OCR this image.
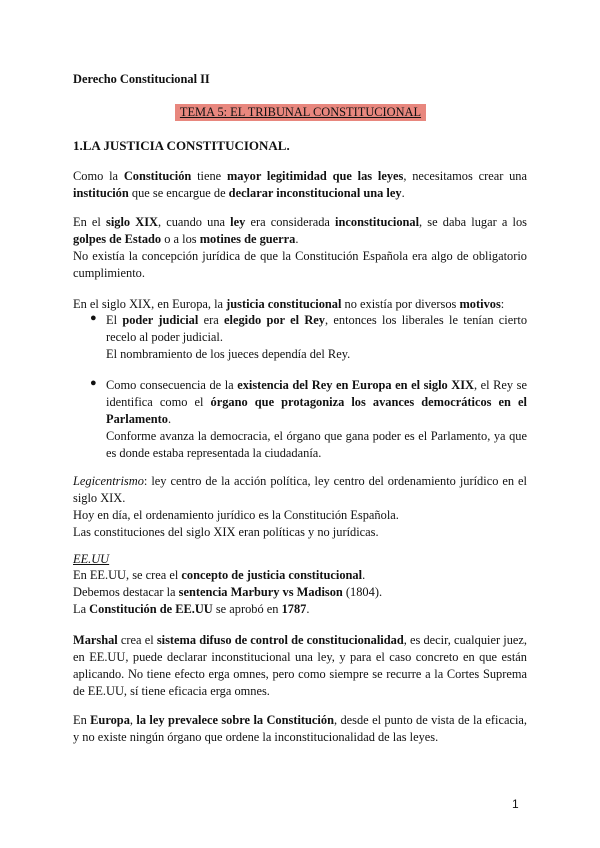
Derecho Constitucional II

TEMA 5: EL TRIBUNAL CONSTITUCIONAL

1.LA JUSTICIA CONSTITUCIONAL.

Como la Constitución tiene mayor legitimidad que las leyes, necesitamos crear una institución que se encargue de declarar inconstitucional una ley.

En el siglo XIX, cuando una ley era considerada inconstitucional, se daba lugar a los golpes de Estado o a los motines de guerra.
No existía la concepción jurídica de que la Constitución Española era algo de obligatorio cumplimiento.

En el siglo XIX, en Europa, la justicia constitucional no existía por diversos motivos:

● El poder judicial era elegido por el Rey, entonces los liberales le tenían cierto recelo al poder judicial.
El nombramiento de los jueces dependía del Rey.

● Como consecuencia de la existencia del Rey en Europa en el siglo XIX, el Rey se identifica como el órgano que protagoniza los avances democráticos en el Parlamento.
Conforme avanza la democracia, el órgano que gana poder es el Parlamento, ya que es donde estaba representada la ciudadanía.

Legicentrismo: ley centro de la acción política, ley centro del ordenamiento jurídico en el siglo XIX.
Hoy en día, el ordenamiento jurídico es la Constitución Española.
Las constituciones del siglo XIX eran políticas y no jurídicas.

EE.UU

En EE.UU, se crea el concepto de justicia constitucional.
Debemos destacar la sentencia Marbury vs Madison (1804).
La Constitución de EE.UU se aprobó en 1787.

Marshal crea el sistema difuso de control de constitucionalidad, es decir, cualquier juez, en EE.UU, puede declarar inconstitucional una ley, y para el caso concreto en que están aplicando. No tiene efecto erga omnes, pero como siempre se recurre a la Cortes Suprema de EE.UU, sí tiene eficacia erga omnes.

En Europa, la ley prevalece sobre la Constitución, desde el punto de vista de la eficacia, y no existe ningún órgano que ordene la inconstitucionalidad de las leyes.

1
